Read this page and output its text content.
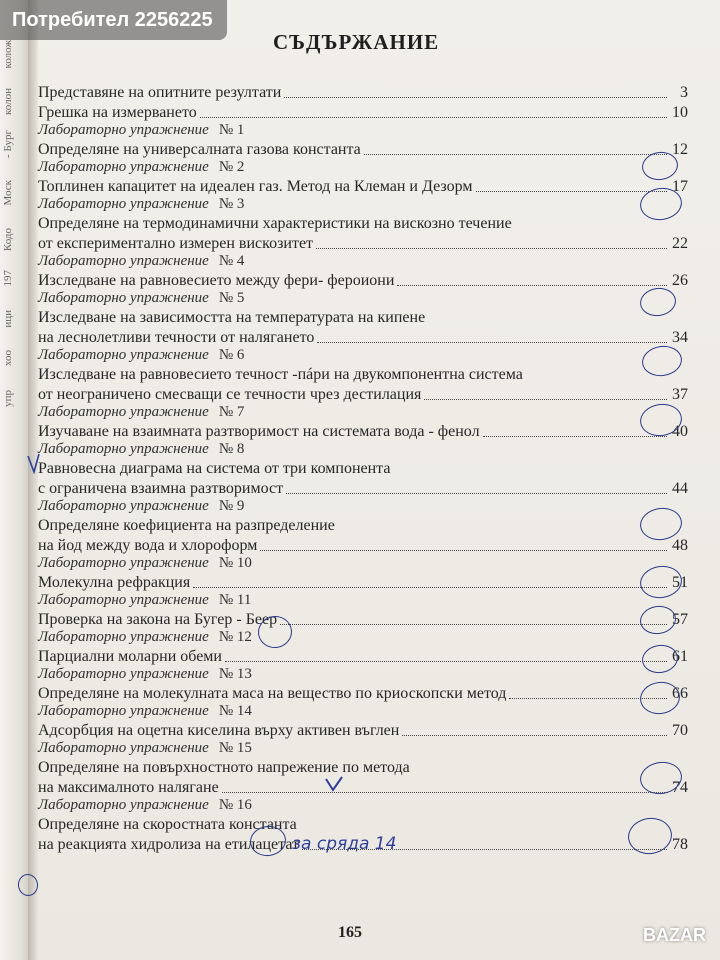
колож
колон
- Бург
Моск
Кодо
197
ици
хоо
упр
Потребител 2256225
СЪДЪРЖАНИЕ
Представяне на опитните резултати	3
Грешка на измерването	10
Лабораторно упражнение № 1
Определяне на универсалната газова константа	12
Лабораторно упражнение № 2
Топлинен капацитет на идеален газ. Метод на Клеман и Дезорм	17
Лабораторно упражнение № 3
Определяне на термодинамични характеристики на вискозно течение
от експериментално измерен вискозитет	22
Лабораторно упражнение № 4
Изследване на равновесието между фери- фероиони	26
Лабораторно упражнение № 5
Изследване на зависимостта на температурата на кипене
на леснолетливи течности от налягането	34
Лабораторно упражнение № 6
Изследване на равновесието течност -пáри на двукомпонентна система
от неограничено смесващи се течности чрез дестилация	37
Лабораторно упражнение № 7
Изучаване на взаимната разтворимост на системата вода - фенол	40
Лабораторно упражнение № 8
Равновесна диаграма на система от три компонента
с ограничена взаимна разтворимост	44
Лабораторно упражнение № 9
Определяне коефициента на разпределение
на йод между вода и хлороформ	48
Лабораторно упражнение № 10
Молекулна рефракция	51
Лабораторно упражнение № 11
Проверка на закона на Бугер - Беер	57
Лабораторно упражнение № 12
Парциални моларни обеми	61
Лабораторно упражнение № 13
Определяне на молекулната маса на вещество по криоскопски метод	66
Лабораторно упражнение № 14
Адсорбция на оцетна киселина върху активен въглен	70
Лабораторно упражнение № 15
Определяне на повърхностното напрежение по метода
на максималното налягане	74
Лабораторно упражнение № 16
Определяне на скоростната константа
на реакцията хидролиза на етилацетат	78
за сряда 14
165	BAZAR
